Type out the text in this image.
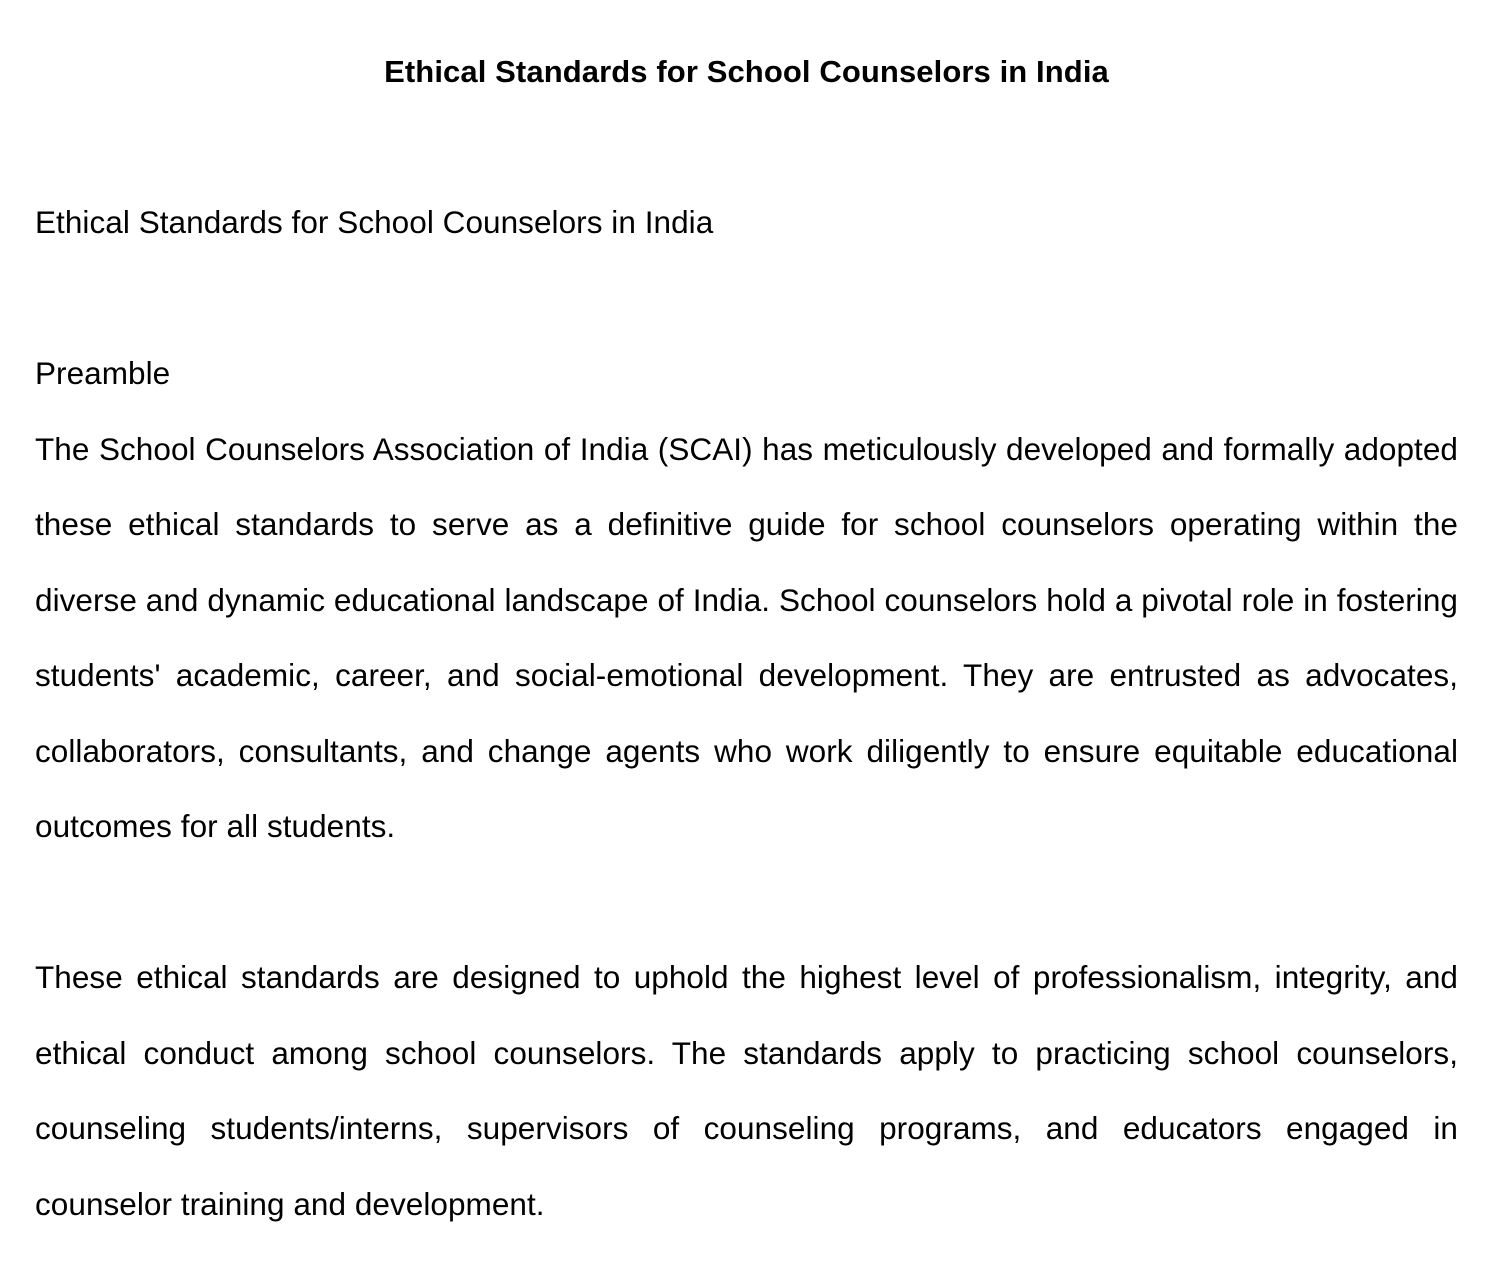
Ethical Standards for School Counselors in India

Ethical Standards for School Counselors in India

Preamble

The School Counselors Association of India (SCAI) has meticulously developed and formally adopted these ethical standards to serve as a definitive guide for school counselors operating within the diverse and dynamic educational landscape of India. School counselors hold a pivotal role in fostering students' academic, career, and social-emotional development. They are entrusted as advocates, collaborators, consultants, and change agents who work diligently to ensure equitable educational outcomes for all students.

These ethical standards are designed to uphold the highest level of professionalism, integrity, and ethical conduct among school counselors. The standards apply to practicing school counselors, counseling students/interns, supervisors of counseling programs, and educators engaged in counselor training and development.
